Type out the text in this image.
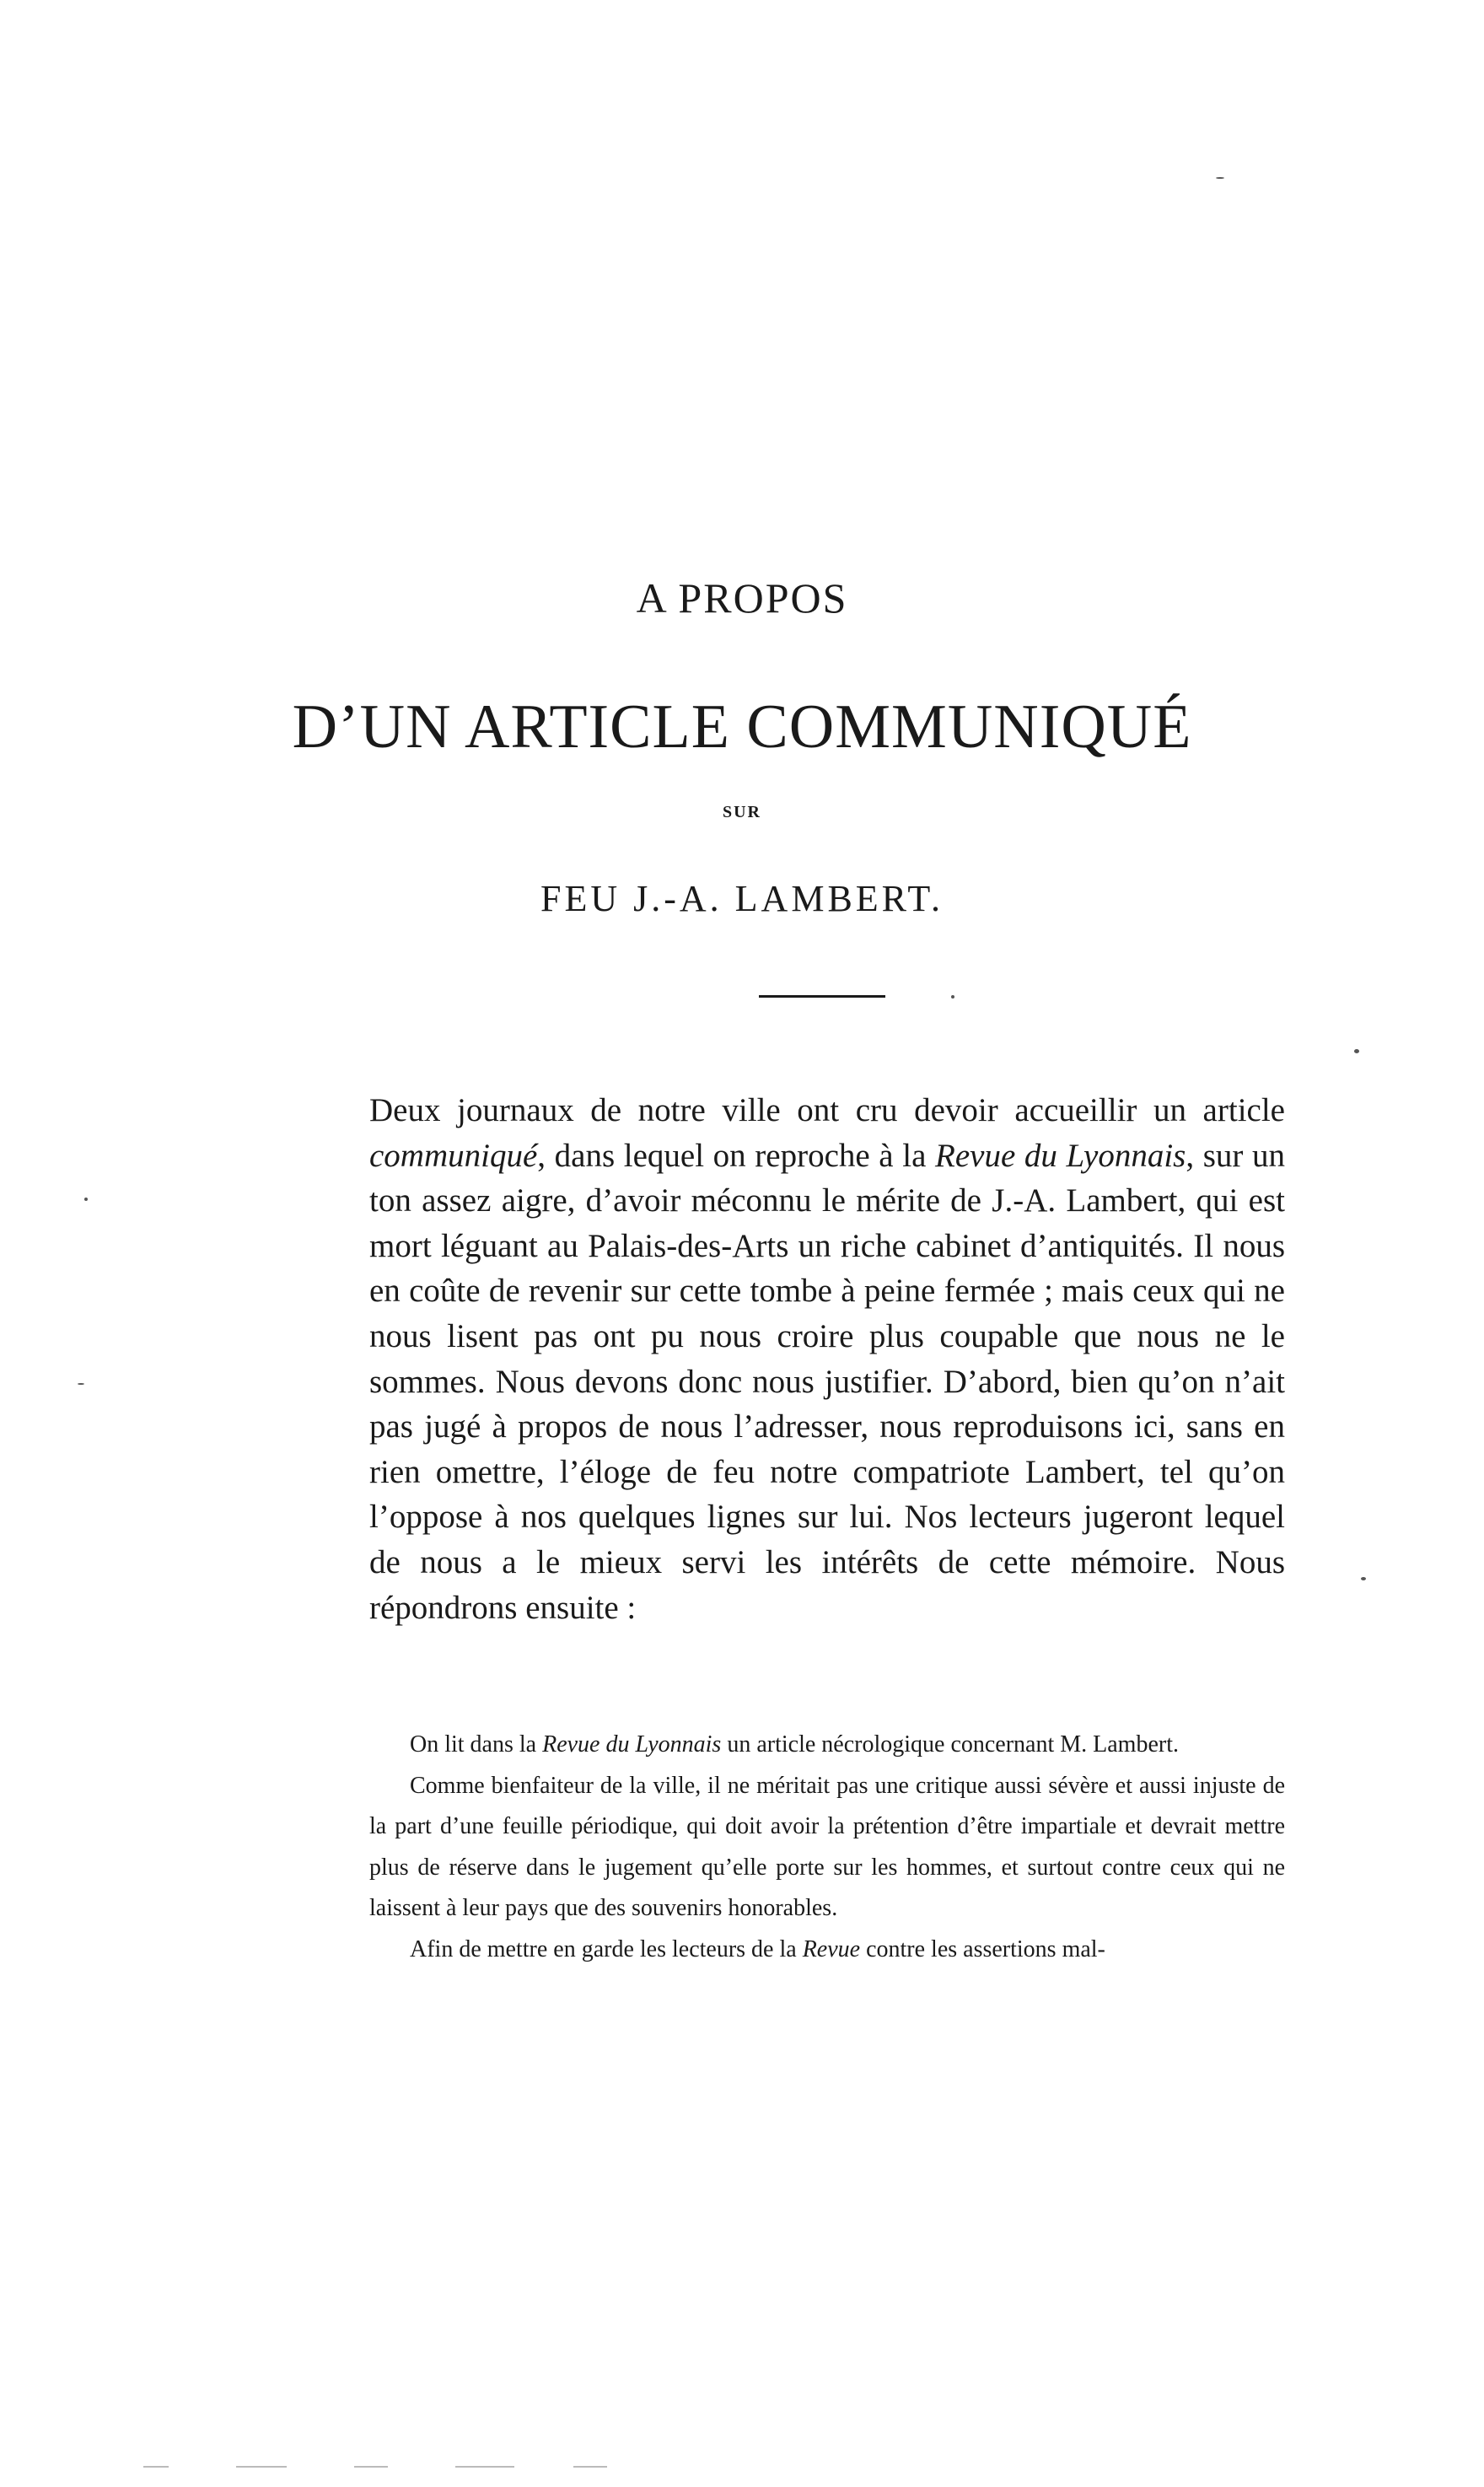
A PROPOS
D’UN ARTICLE COMMUNIQUÉ
SUR
FEU J.-A. LAMBERT.

Deux journaux de notre ville ont cru devoir accueillir un article communiqué, dans lequel on reproche à la Revue du Lyonnais, sur un ton assez aigre, d’avoir méconnu le mérite de J.-A. Lambert, qui est mort léguant au Palais-des-Arts un riche cabinet d’antiquités. Il nous en coûte de revenir sur cette tombe à peine fermée ; mais ceux qui ne nous lisent pas ont pu nous croire plus coupable que nous ne le sommes. Nous devons donc nous justifier. D’abord, bien qu’on n’ait pas jugé à propos de nous l’adresser, nous reproduisons ici, sans en rien omettre, l’éloge de feu notre compatriote Lambert, tel qu’on l’oppose à nos quelques lignes sur lui. Nos lecteurs jugeront lequel de nous a le mieux servi les intérêts de cette mémoire. Nous répondrons ensuite :

On lit dans la Revue du Lyonnais un article nécrologique concernant M. Lambert.

Comme bienfaiteur de la ville, il ne méritait pas une critique aussi sévère et aussi injuste de la part d’une feuille périodique, qui doit avoir la prétention d’être impartiale et devrait mettre plus de réserve dans le jugement qu’elle porte sur les hommes, et surtout contre ceux qui ne laissent à leur pays que des souvenirs honorables.

Afin de mettre en garde les lecteurs de la Revue contre les assertions mal-
